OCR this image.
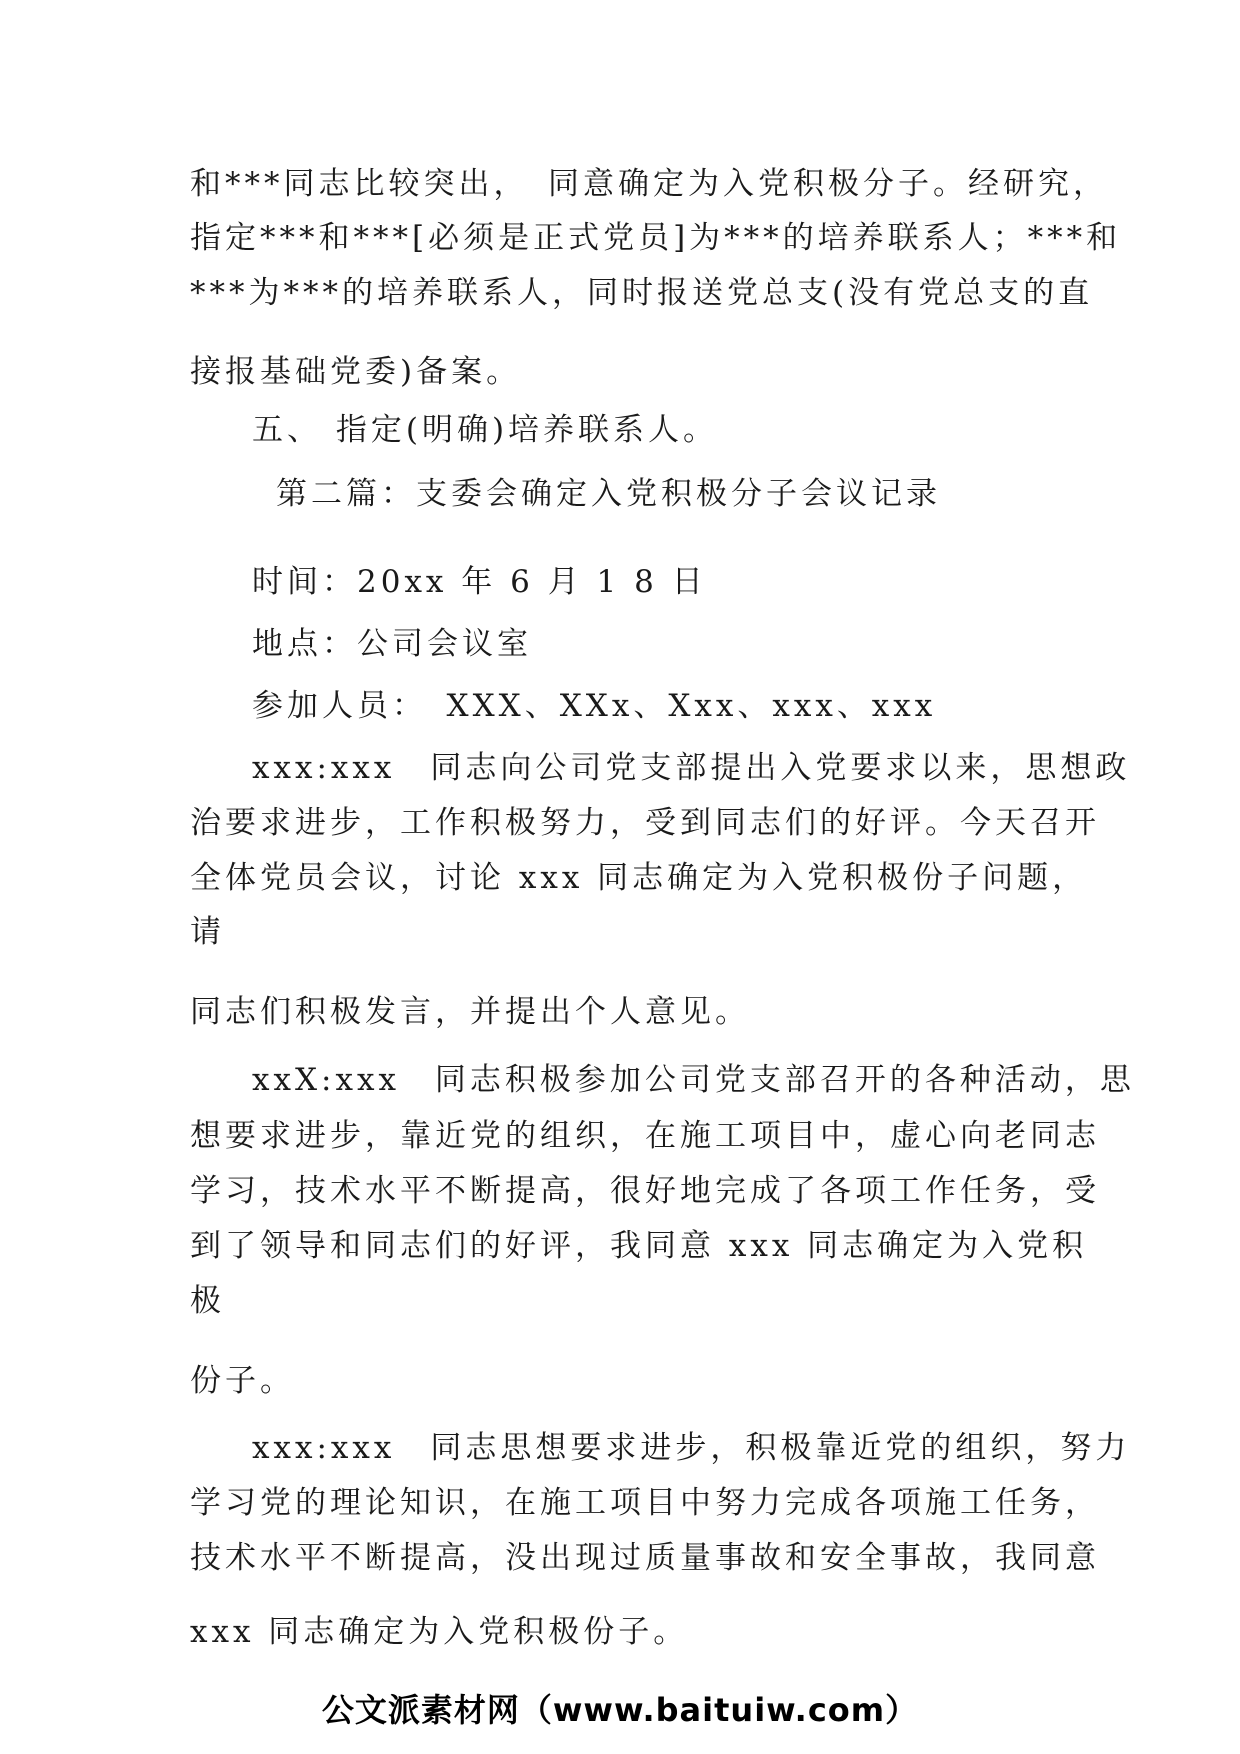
和***同志比较突出，　同意确定为入党积极分子。经研究，
指定***和***[必须是正式党员]为***的培养联系人；***和
***为***的培养联系人，同时报送党总支(没有党总支的直
接报基础党委)备案。
五、 指定(明确)培养联系人。
第二篇：支委会确定入党积极分子会议记录
时间：20xx 年 6 月 1 8 日
地点：公司会议室
参加人员：　XXX、XXx、Xxx、xxx、xxx
xxx:xxx　同志向公司党支部提出入党要求以来，思想政
治要求进步，工作积极努力，受到同志们的好评。今天召开
全体党员会议，讨论 xxx 同志确定为入党积极份子问题，
请
同志们积极发言，并提出个人意见。
xxX:xxx　同志积极参加公司党支部召开的各种活动，思
想要求进步，靠近党的组织，在施工项目中，虚心向老同志
学习，技术水平不断提高，很好地完成了各项工作任务，受
到了领导和同志们的好评，我同意 xxx 同志确定为入党积
极
份子。
xxx:xxx　同志思想要求进步，积极靠近党的组织，努力
学习党的理论知识，在施工项目中努力完成各项施工任务，
技术水平不断提高，没出现过质量事故和安全事故，我同意
xxx 同志确定为入党积极份子。
公文派素材网（www.baituiw.com）
